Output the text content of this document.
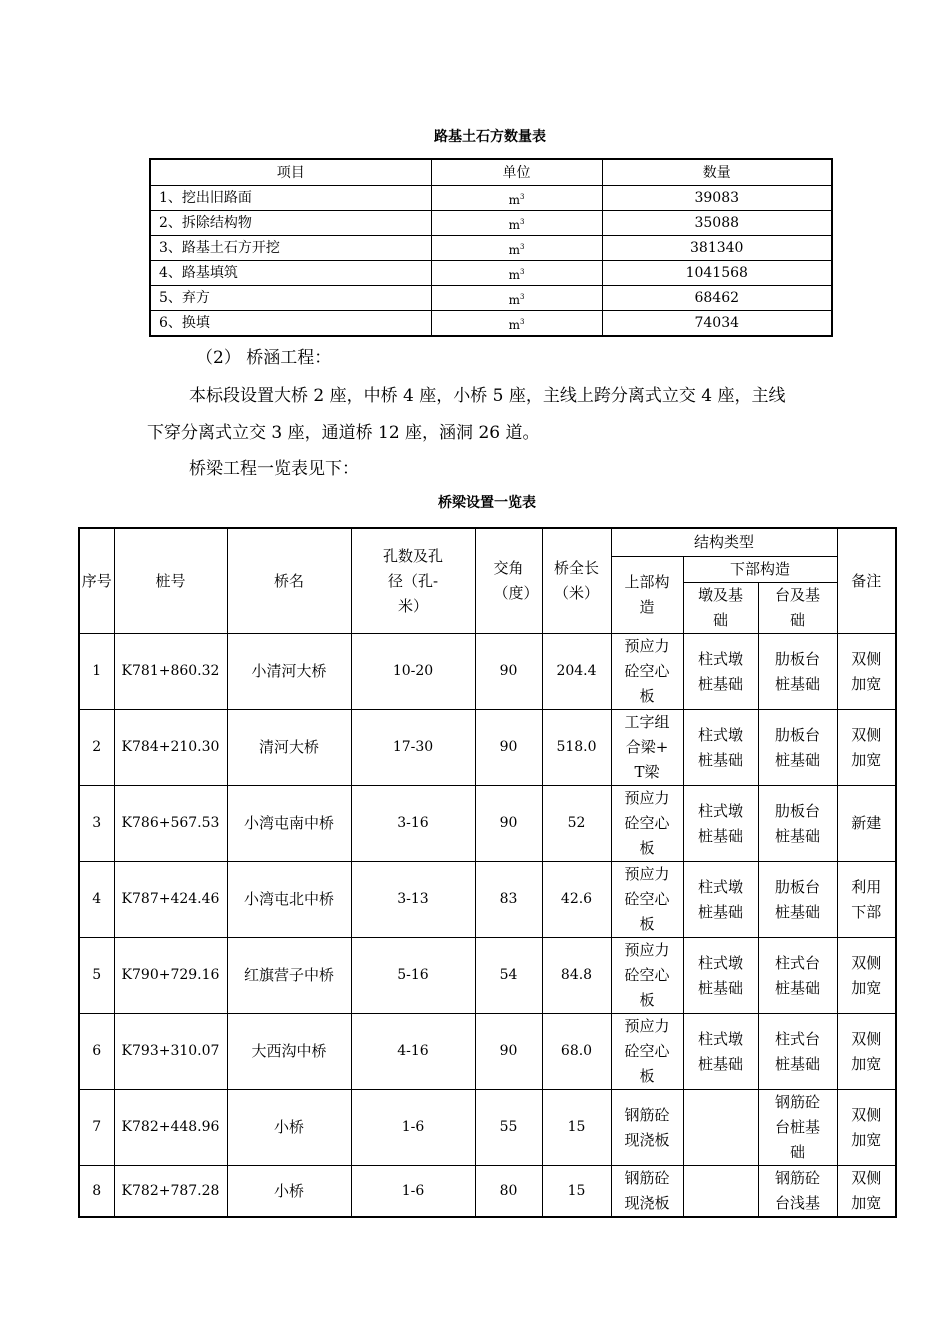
路基土石方数量表
项目	单位	数量
1、挖出旧路面	$m^3$	39083
2、拆除结构物	$m^3$	35088
3、路基土石方开挖	$m^3$	381340
4、路基填筑	$m^3$	1041568
5、弃方	$m^3$	68462
6、换填	$m^3$	74034
（2） 桥涵工程：
本标段设置大桥 2 座，中桥 4 座，小桥 5 座，主线上跨分离式立交 4 座，主线
下穿分离式立交 3 座，通道桥 12 座，涵洞 26 道。
桥梁工程一览表见下：
桥梁设置一览表
序号	桩号	桥名	孔数及孔径（孔-米）	交角（度）	桥全长（米）	结构类型			备注
						上部构造	下部构造		
							墩及基础	台及基础	
1	K781+860.32	小清河大桥	10-20	90	204.4	预应力砼空心板	柱式墩桩基础	肋板台桩基础	双侧加宽
2	K784+210.30	清河大桥	17-30	90	518.0	工字组合梁+T梁	柱式墩桩基础	肋板台桩基础	双侧加宽
3	K786+567.53	小湾屯南中桥	3-16	90	52	预应力砼空心板	柱式墩桩基础	肋板台桩基础	新建
4	K787+424.46	小湾屯北中桥	3-13	83	42.6	预应力砼空心板	柱式墩桩基础	肋板台桩基础	利用下部
5	K790+729.16	红旗营子中桥	5-16	54	84.8	预应力砼空心板	柱式墩桩基础	柱式台桩基础	双侧加宽
6	K793+310.07	大西沟中桥	4-16	90	68.0	预应力砼空心板	柱式墩桩基础	柱式台桩基础	双侧加宽
7	K782+448.96	小桥	1-6	55	15	钢筋砼现浇板		钢筋砼台桩基础	双侧加宽
8	K782+787.28	小桥	1-6	80	15	钢筋砼现浇板		钢筋砼台浅基	双侧加宽
